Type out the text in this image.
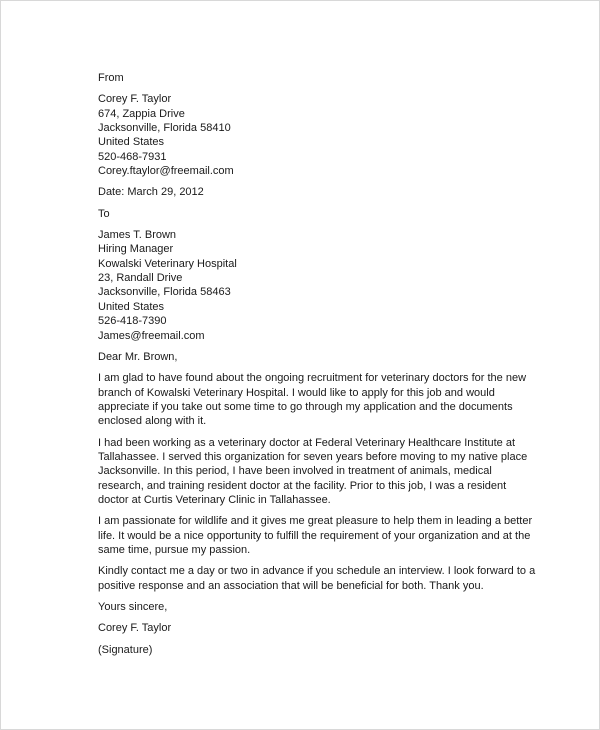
From
Corey F. Taylor
674, Zappia Drive
Jacksonville, Florida 58410
United States
520-468-7931
Corey.ftaylor@freemail.com
Date: March 29, 2012
To
James T. Brown
Hiring Manager
Kowalski Veterinary Hospital
23, Randall Drive
Jacksonville, Florida 58463
United States
526-418-7390
James@freemail.com
Dear Mr. Brown,
I am glad to have found about the ongoing recruitment for veterinary doctors for the new
branch of Kowalski Veterinary Hospital. I would like to apply for this job and would
appreciate if you take out some time to go through my application and the documents
enclosed along with it.
I had been working as a veterinary doctor at Federal Veterinary Healthcare Institute at
Tallahassee. I served this organization for seven years before moving to my native place
Jacksonville. In this period, I have been involved in treatment of animals, medical
research, and training resident doctor at the facility. Prior to this job, I was a resident
doctor at Curtis Veterinary Clinic in Tallahassee.
I am passionate for wildlife and it gives me great pleasure to help them in leading a better
life. It would be a nice opportunity to fulfill the requirement of your organization and at the
same time, pursue my passion.
Kindly contact me a day or two in advance if you schedule an interview. I look forward to a
positive response and an association that will be beneficial for both. Thank you.
Yours sincere,
Corey F. Taylor
(Signature)
